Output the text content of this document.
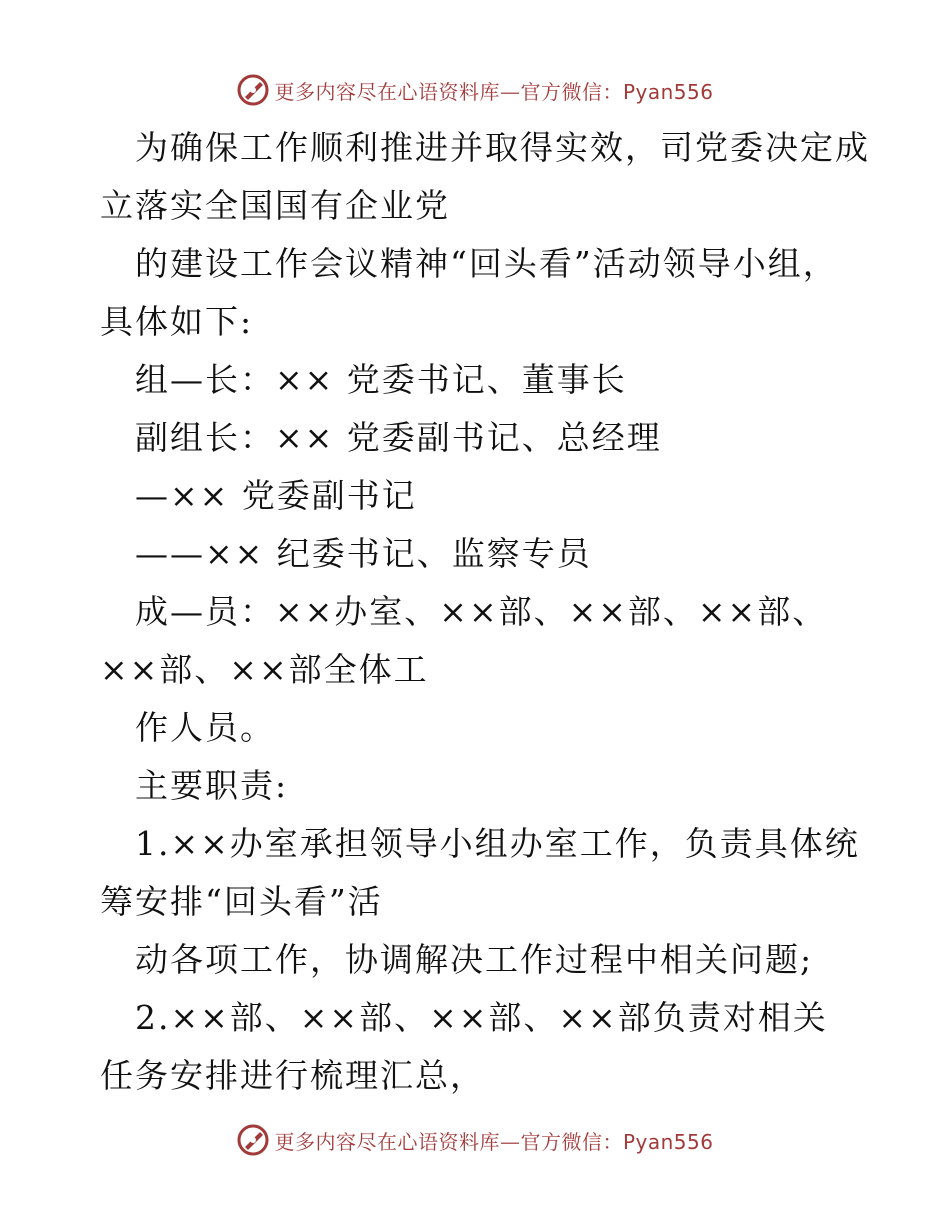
更多内容尽在心语资料库—官方微信：Pyan556
为确保工作顺利推进并取得实效，司党委决定成
立落实全国国有企业党
的建设工作会议精神“回头看”活动领导小组，
具体如下:
组—长：×× 党委书记、董事长
副组长：×× 党委副书记、总经理
—×× 党委副书记
——×× 纪委书记、监察专员
成—员：××办室、××部、××部、××部、
××部、××部全体工
作人员。
主要职责:
1.××办室承担领导小组办室工作，负责具体统
筹安排“回头看”活
动各项工作，协调解决工作过程中相关问题;
2.××部、××部、××部、××部负责对相关
任务安排进行梳理汇总，
更多内容尽在心语资料库—官方微信：Pyan556
